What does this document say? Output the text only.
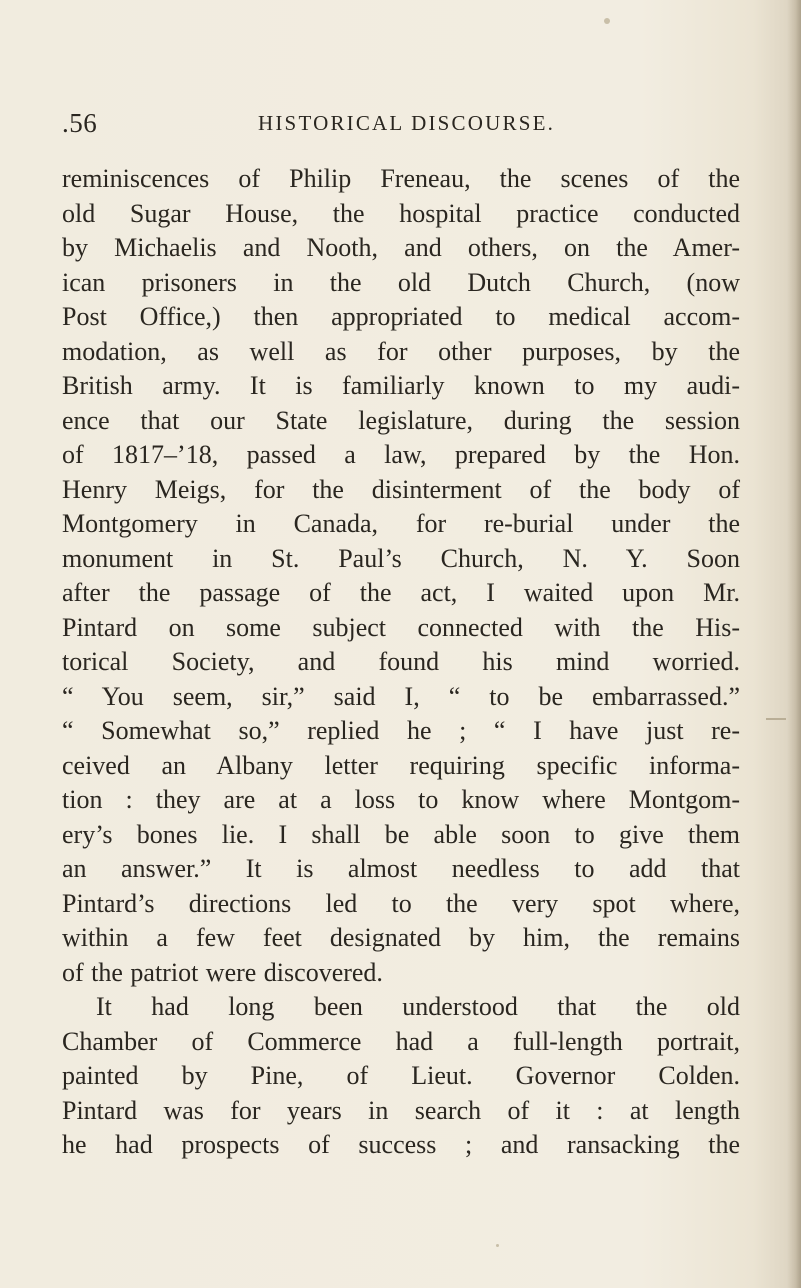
.56	HISTORICAL DISCOURSE.
reminiscences of Philip Freneau, the scenes of the
old Sugar House, the hospital practice conducted
by Michaelis and Nooth, and others, on the Amer-
ican prisoners in the old Dutch Church, (now
Post Office,) then appropriated to medical accom-
modation, as well as for other purposes, by the
British army. It is familiarly known to my audi-
ence that our State legislature, during the session
of 1817–’18, passed a law, prepared by the Hon.
Henry Meigs, for the disinterment of the body of
Montgomery in Canada, for re-burial under the
monument in St. Paul’s Church, N. Y. Soon
after the passage of the act, I waited upon Mr.
Pintard on some subject connected with the His-
torical Society, and found his mind worried.
“ You seem, sir,” said I, “ to be embarrassed.”
“ Somewhat so,” replied he ; “ I have just re-
ceived an Albany letter requiring specific informa-
tion : they are at a loss to know where Montgom-
ery’s bones lie. I shall be able soon to give them
an answer.” It is almost needless to add that
Pintard’s directions led to the very spot where,
within a few feet designated by him, the remains
of the patriot were discovered.
It had long been understood that the old
Chamber of Commerce had a full-length portrait,
painted by Pine, of Lieut. Governor Colden.
Pintard was for years in search of it : at length
he had prospects of success ; and ransacking the
